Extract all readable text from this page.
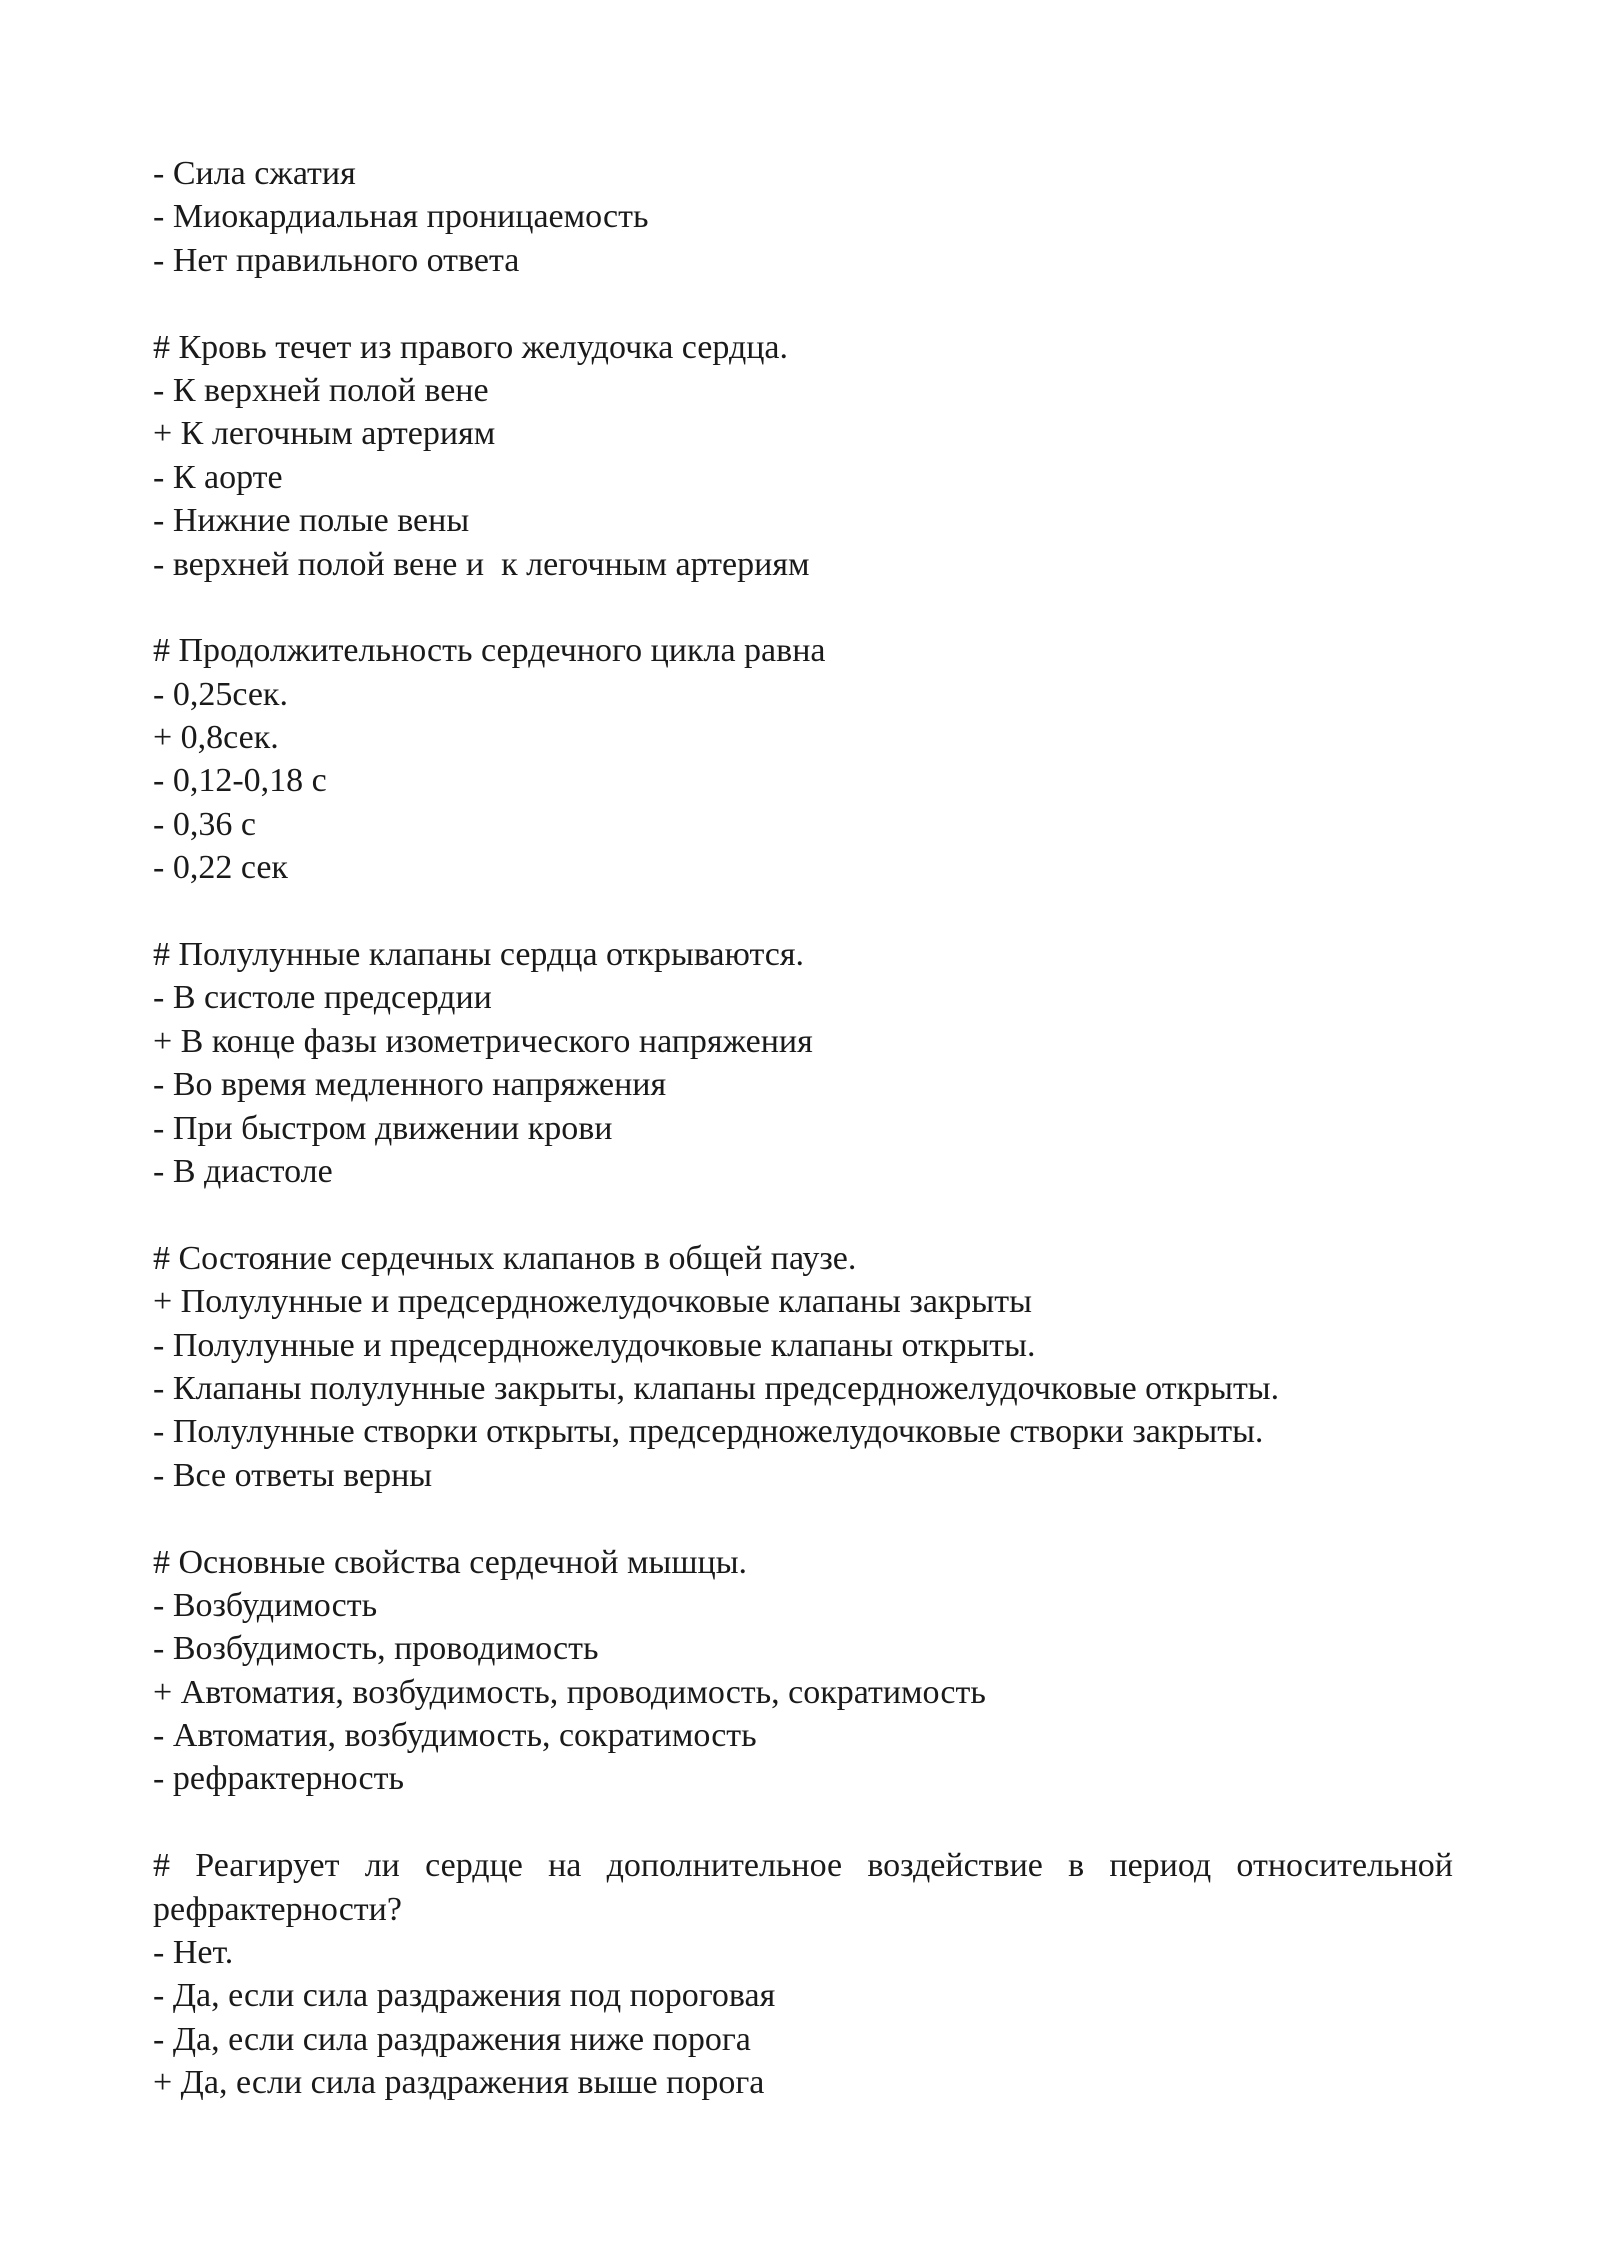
- Сила сжатия
- Миокардиальная проницаемость
- Нет правильного ответа
# Кровь течет из правого желудочка сердца.
- К верхней полой вене
+ К легочным артериям
- К аорте
- Нижние полые вены
- верхней полой вене и  к легочным артериям
# Продолжительность сердечного цикла равна
- 0,25сек.
+ 0,8сек.
- 0,12-0,18 с
- 0,36 с
- 0,22 сек
# Полулунные клапаны сердца открываются.
- В систоле предсердии
+ В конце фазы изометрического напряжения
- Во время медленного напряжения
- При быстром движении крови
- В диастоле
# Состояние сердечных клапанов в общей паузе.
+ Полулунные и предсердножелудочковые клапаны закрыты
- Полулунные и предсердножелудочковые клапаны открыты.
- Клапаны полулунные закрыты, клапаны предсердножелудочковые открыты.
- Полулунные створки открыты, предсердножелудочковые створки закрыты.
- Все ответы верны
# Основные свойства сердечной мышцы.
- Возбудимость
- Возбудимость, проводимость
+ Автоматия, возбудимость, проводимость, сократимость
- Автоматия, возбудимость, сократимость
- рефрактерность
# Реагирует ли сердце на дополнительное воздействие в период относительной рефрактерности?
- Нет.
- Да, если сила раздражения под пороговая
- Да, если сила раздражения ниже порога
+ Да, если сила раздражения выше порога
